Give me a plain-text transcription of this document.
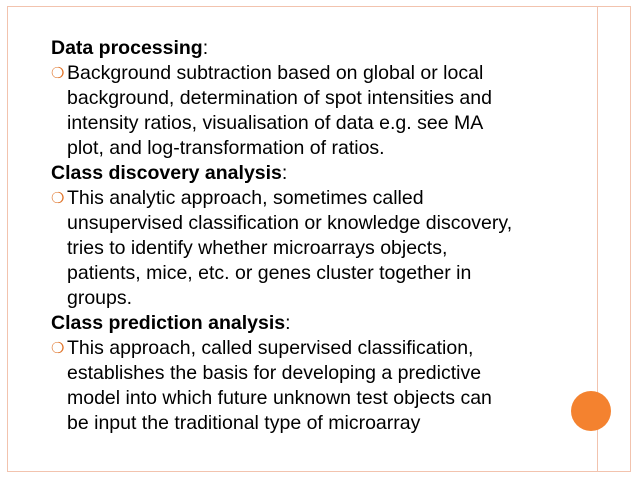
Data processing:

❍ Background subtraction based on global or local
background, determination of spot intensities and
intensity ratios, visualisation of data e.g. see MA
plot, and log-transformation of ratios.

Class discovery analysis:

❍ This analytic approach, sometimes called
unsupervised classification or knowledge discovery,
tries to identify whether microarrays objects,
patients, mice, etc. or genes cluster together in
groups.

Class prediction analysis:

❍ This approach, called supervised classification,
establishes the basis for developing a predictive
model into which future unknown test objects can
be input the traditional type of microarray
